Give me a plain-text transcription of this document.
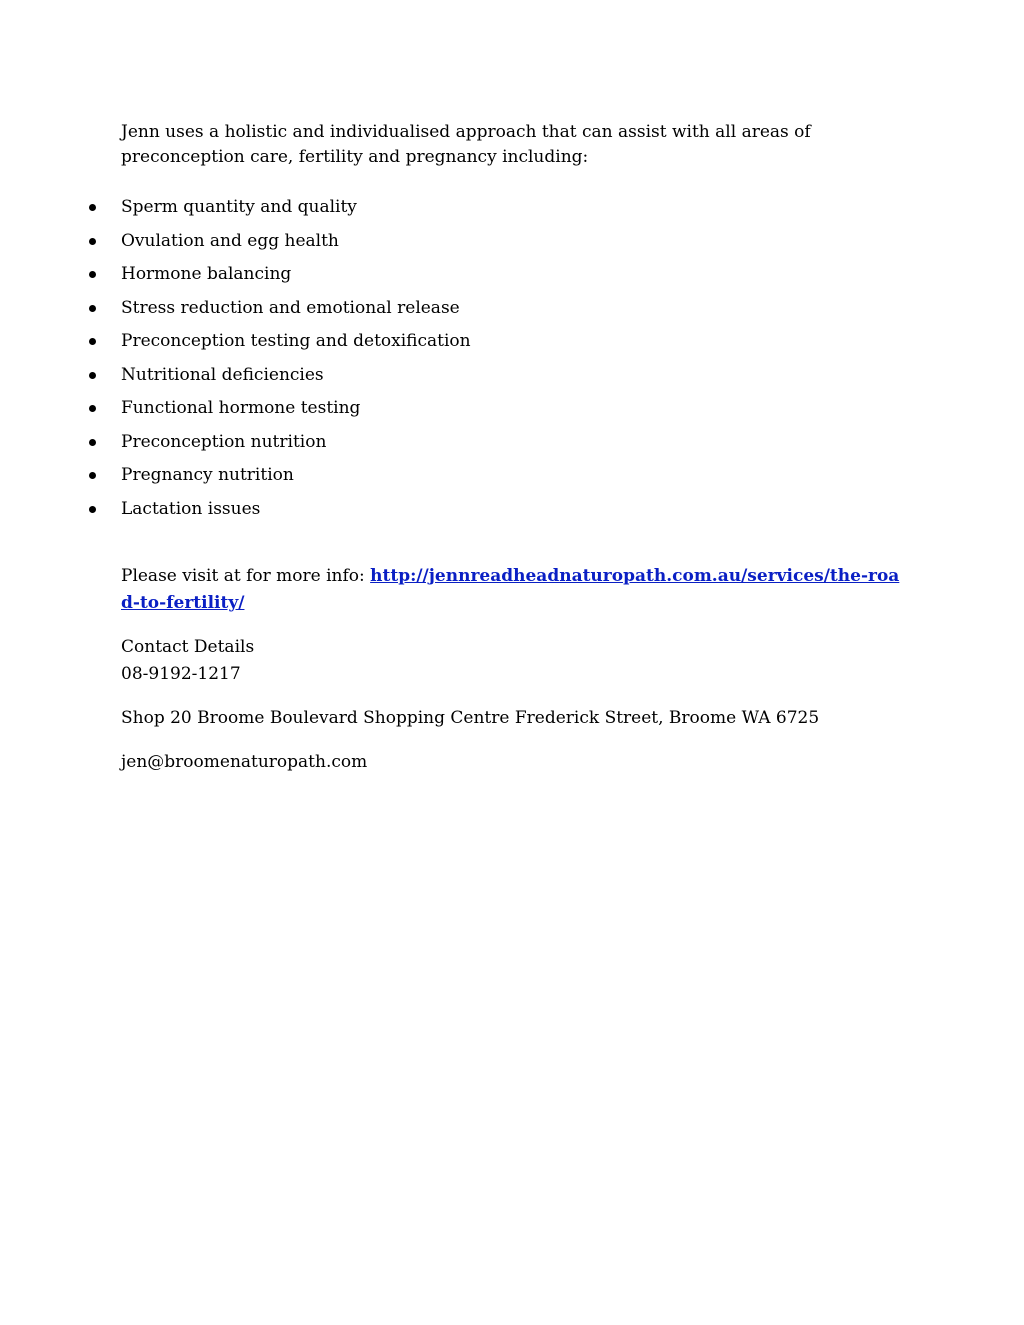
Jenn uses a holistic and individualised approach that can assist with all areas of preconception care, fertility and pregnancy including:

Sperm quantity and quality
Ovulation and egg health
Hormone balancing
Stress reduction and emotional release
Preconception testing and detoxification
Nutritional deficiencies
Functional hormone testing
Preconception nutrition
Pregnancy nutrition
Lactation issues

Please visit at for more info: http://jennreadheadnaturopath.com.au/services/the-road-to-fertility/

Contact Details
08-9192-1217

Shop 20 Broome Boulevard Shopping Centre Frederick Street, Broome WA 6725

jen@broomenaturopath.com
